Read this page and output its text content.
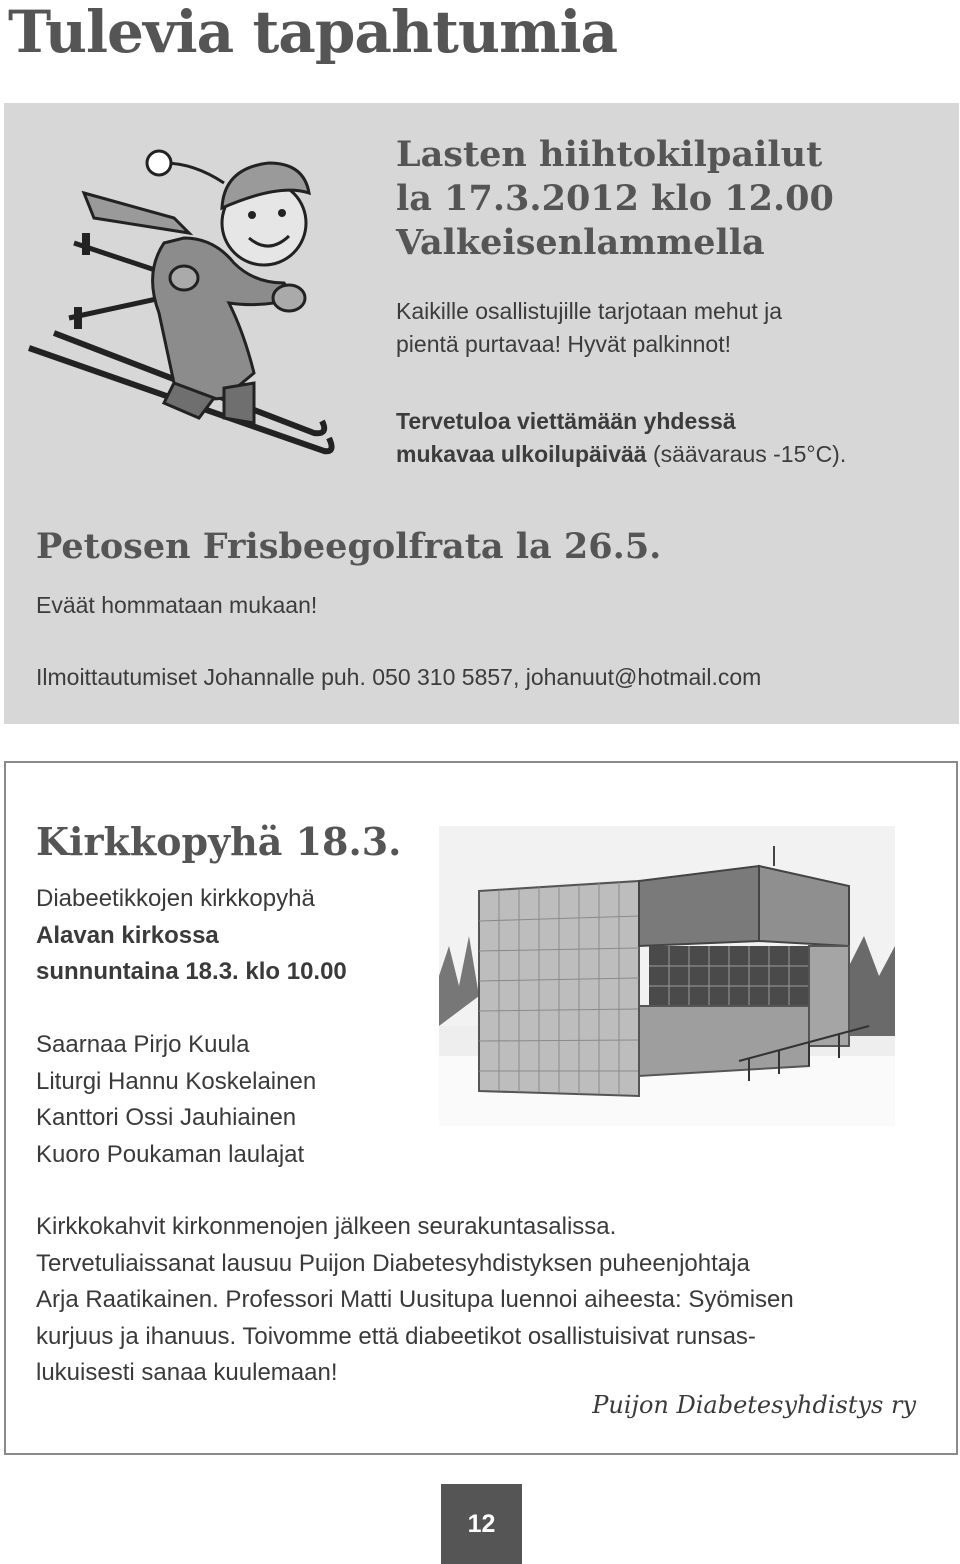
Tulevia tapahtumia
Lasten hiihtokilpailut
la 17.3.2012 klo 12.00
Valkeisenlammella

Kaikille osallistujille tarjotaan mehut ja
pientä purtavaa! Hyvät palkinnot!

Tervetuloa viettämään yhdessä
mukavaa ulkoilupäivää (säävaraus -15°C).

Petosen Frisbeegolfrata la 26.5.

Eväät hommataan mukaan!

Ilmoittautumiset Johannalle puh. 050 310 5857, johanuut@hotmail.com

Kirkkopyhä 18.3.

Diabeetikkojen kirkkopyhä
Alavan kirkossa
sunnuntaina 18.3. klo 10.00

Saarnaa Pirjo Kuula
Liturgi Hannu Koskelainen
Kanttori Ossi Jauhiainen
Kuoro Poukaman laulajat

Kirkkokahvit kirkonmenojen jälkeen seurakuntasalissa.
Tervetuliaissanat lausuu Puijon Diabetesyhdistyksen puheenjohtaja
Arja Raatikainen. Professori Matti Uusitupa luennoi aiheesta: Syömisen
kurjuus ja ihanuus. Toivomme että diabeetikot osallistuisivat runsas-
lukuisesti sanaa kuulemaan!

Puijon Diabetesyhdistys ry

12
